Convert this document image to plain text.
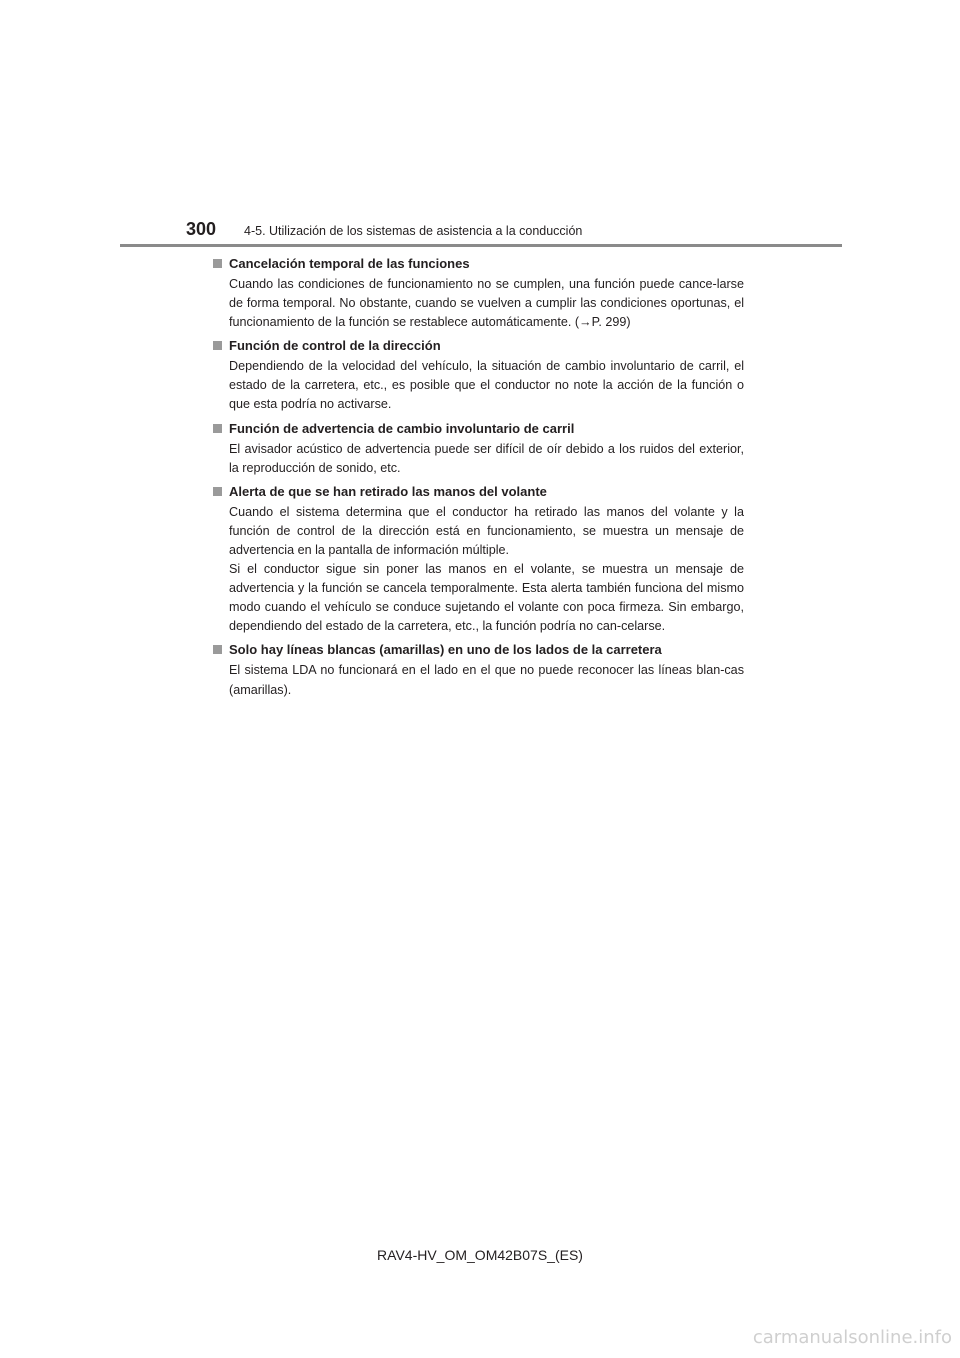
300 4-5. Utilización de los sistemas de asistencia a la conducción
Cancelación temporal de las funciones

Cuando las condiciones de funcionamiento no se cumplen, una función puede cance-larse de forma temporal. No obstante, cuando se vuelven a cumplir las condiciones oportunas, el funcionamiento de la función se restablece automáticamente. (→P. 299)

Función de control de la dirección

Dependiendo de la velocidad del vehículo, la situación de cambio involuntario de carril, el estado de la carretera, etc., es posible que el conductor no note la acción de la función o que esta podría no activarse.

Función de advertencia de cambio involuntario de carril

El avisador acústico de advertencia puede ser difícil de oír debido a los ruidos del exterior, la reproducción de sonido, etc.

Alerta de que se han retirado las manos del volante

Cuando el sistema determina que el conductor ha retirado las manos del volante y la función de control de la dirección está en funcionamiento, se muestra un mensaje de advertencia en la pantalla de información múltiple.

Si el conductor sigue sin poner las manos en el volante, se muestra un mensaje de advertencia y la función se cancela temporalmente. Esta alerta también funciona del mismo modo cuando el vehículo se conduce sujetando el volante con poca firmeza. Sin embargo, dependiendo del estado de la carretera, etc., la función podría no can-celarse.

Solo hay líneas blancas (amarillas) en uno de los lados de la carretera

El sistema LDA no funcionará en el lado en el que no puede reconocer las líneas blan-cas (amarillas).

RAV4-HV_OM_OM42B07S_(ES)
carmanualsonline.info
